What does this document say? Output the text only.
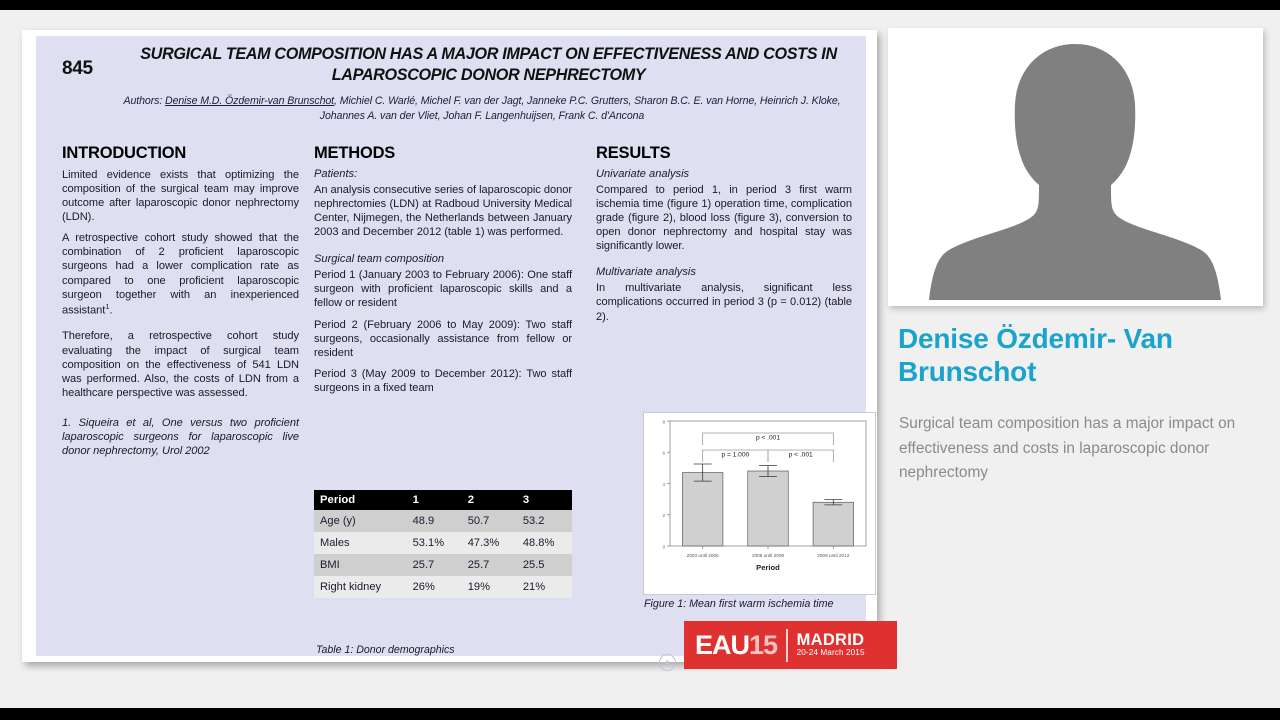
845
SURGICAL TEAM COMPOSITION HAS A MAJOR IMPACT ON EFFECTIVENESS AND COSTS IN LAPAROSCOPIC DONOR NEPHRECTOMY
Authors: Denise M.D. Özdemir-van Brunschot, Michiel C. Warlé, Michel F. van der Jagt, Janneke P.C. Grutters, Sharon B.C. E. van Horne, Heinrich J. Kloke, Johannes A. van der Vliet, Johan F. Langenhuijsen, Frank C. d'Ancona
INTRODUCTION

Limited evidence exists that optimizing the composition of the surgical team may improve outcome after laparoscopic donor nephrectomy (LDN).

A retrospective cohort study showed that the combination of 2 proficient laparoscopic surgeons had a lower complication rate as compared to one proficient laparoscopic surgeon together with an inexperienced assistant$^1$.

Therefore, a retrospective cohort study evaluating the impact of surgical team composition on the effectiveness of 541 LDN was performed. Also, the costs of LDN from a healthcare perspective was assessed.

1. Siqueira et al, One versus two proficient laparoscopic surgeons for laparoscopic live donor nephrectomy, Urol 2002

METHODS
Patients:

An analysis consecutive series of laparoscopic donor nephrectomies (LDN) at Radboud University Medical Center, Nijmegen, the Netherlands between January 2003 and December 2012 (table 1) was performed.

Surgical team composition

Period 1 (January 2003 to February 2006): One staff surgeon with proficient laparoscopic skills and a fellow or resident

Period 2 (February 2006 to May 2009): Two staff surgeons, occasionally assistance from fellow or resident

Period 3 (May 2009 to December 2012): Two staff surgeons in a fixed team

RESULTS
Univariate analysis

Compared to period 1, in period 3 first warm ischemia time (figure 1) operation time, complication grade (figure 2), blood loss (figure 3), conversion to open donor nephrectomy and hospital stay was significantly lower.

Multivariate analysis

In multivariate analysis, significant less complications occurred in period 3 (p = 0.012) (table 2).

Period	1	2	3
Age (y)	48.9	50.7	53.2
Males	53.1%	47.3%	48.8%
BMI	25.7	25.7	25.5
Right kidney	26%	19%	21%
Table 1: Donor demographics
0
2
4
6
8
2003 until 2006	2006 until 2009	2009 until 2012
Period
p < .001
p = 1.000	p < .001
Figure 1: Mean first warm ischemia time
EAU15 MADRID
20-24 March 2015
●
Denise Özdemir- Van Brunschot
Surgical team composition has a major impact on effectiveness and costs in laparoscopic donor nephrectomy
